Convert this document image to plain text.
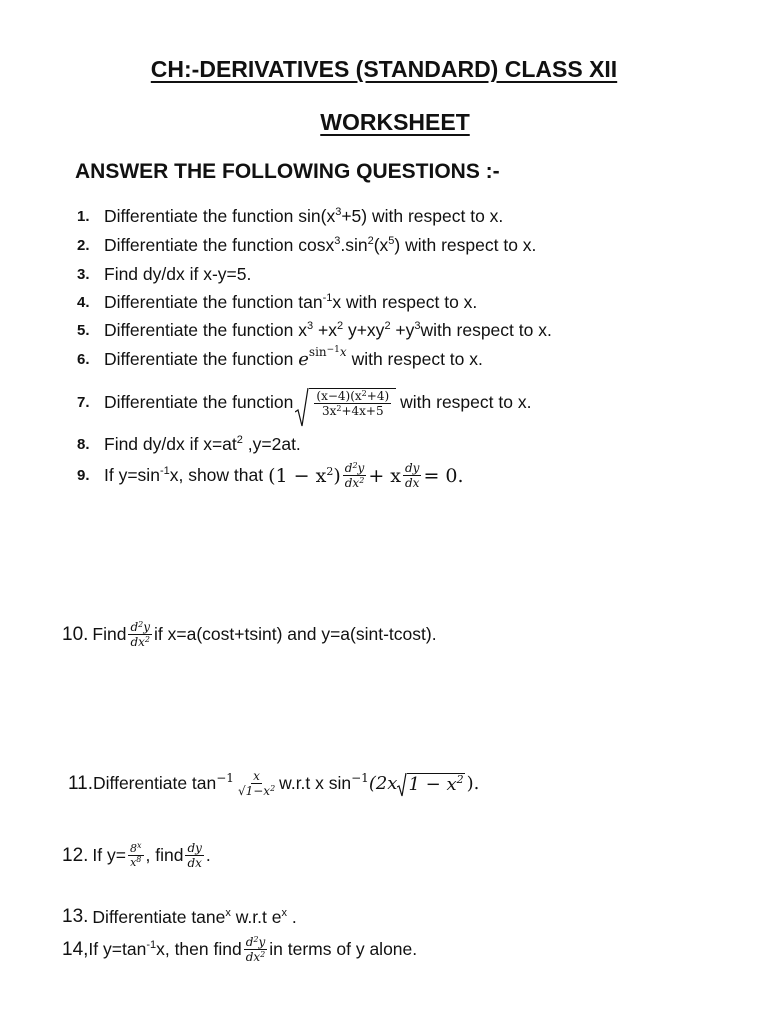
CH:-DERIVATIVES (STANDARD) CLASS XII
WORKSHEET
ANSWER THE FOLLOWING QUESTIONS :-
1. Differentiate the function $\sin(x^3+5)$ with respect to x.
2. Differentiate the function $\cos x^3.\sin^2(x^5)$ with respect to x.
3. Find dy/dx if x-y=5.
4. Differentiate the function $\tan^{-1}x$ with respect to x.
5. Differentiate the function $x^3 +x^2$ $y+xy^2$ $+y^3with$ respect to x.
6. Differentiate the function $e^{sin^{-1}x}$ with respect to x.
7. Differentiate the function $\frac{(x-4)(x^2+4)}{3x^2+4x+5}$ with respect to x.
8. Find dy/dx if $x=at^2$ ,y=2at.
9. If y=sin -1 x, show that $(1 - x^2) \frac{d^2y}{dx^2} + x \frac{dy}{dx} = 0$.
10. Find $\frac{d^2y}{dx^2}$ if x=a(cost+tsint) and y=a(sint-tcost).
11. Differentiate $\tan -1 \frac{x}{√1-x^2} w.r.t$ x sin −1 (2x $1 - x^2$ ).
12. If $y= \frac{8^x}{x^8}$ , find $\frac{dy}{dx}$ .
13. Differentiate tane$^x$ w.r.t $e^x$ .
14, If y=tan -1 x, then find $\frac{d^2y}{dx^2}$ in terms of y alone.
